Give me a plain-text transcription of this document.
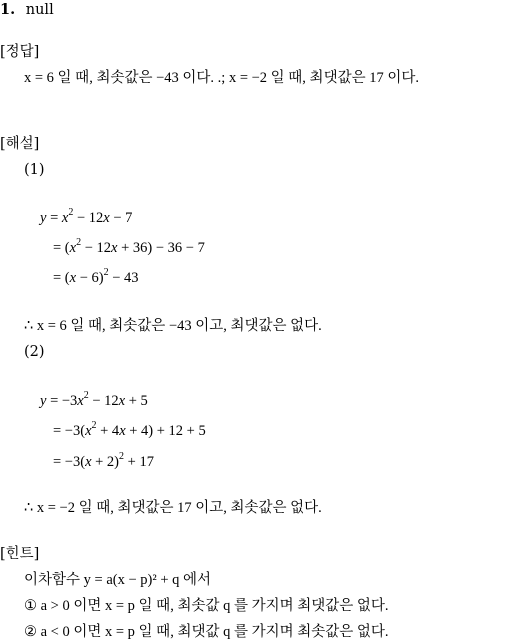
1. null
[정답]
x = 6 일 때, 최솟값은 −43 이다. .; x = −2 일 때, 최댓값은 17 이다.
[해설]
(1)
$y = x^2 - 12x - 7$
= $(x^2 - 12x + 36) - 36 - 7$
= $(x - 6)^2 - 43$
∴ x = 6 일 때, 최솟값은 −43 이고, 최댓값은 없다.
(2)
$y = -3x^2 - 12x + 5$
= $-3(x^2 + 4x + 4) + 12 + 5$
= $-3(x + 2)^2 + 17$
∴ x = −2 일 때, 최댓값은 17 이고, 최솟값은 없다.
[힌트]
이차함수 y = a(x − p)² + q 에서
① a > 0 이면 x = p 일 때, 최솟값 q 를 가지며 최댓값은 없다.
② a < 0 이면 x = p 일 때, 최댓값 q 를 가지며 최솟값은 없다.
